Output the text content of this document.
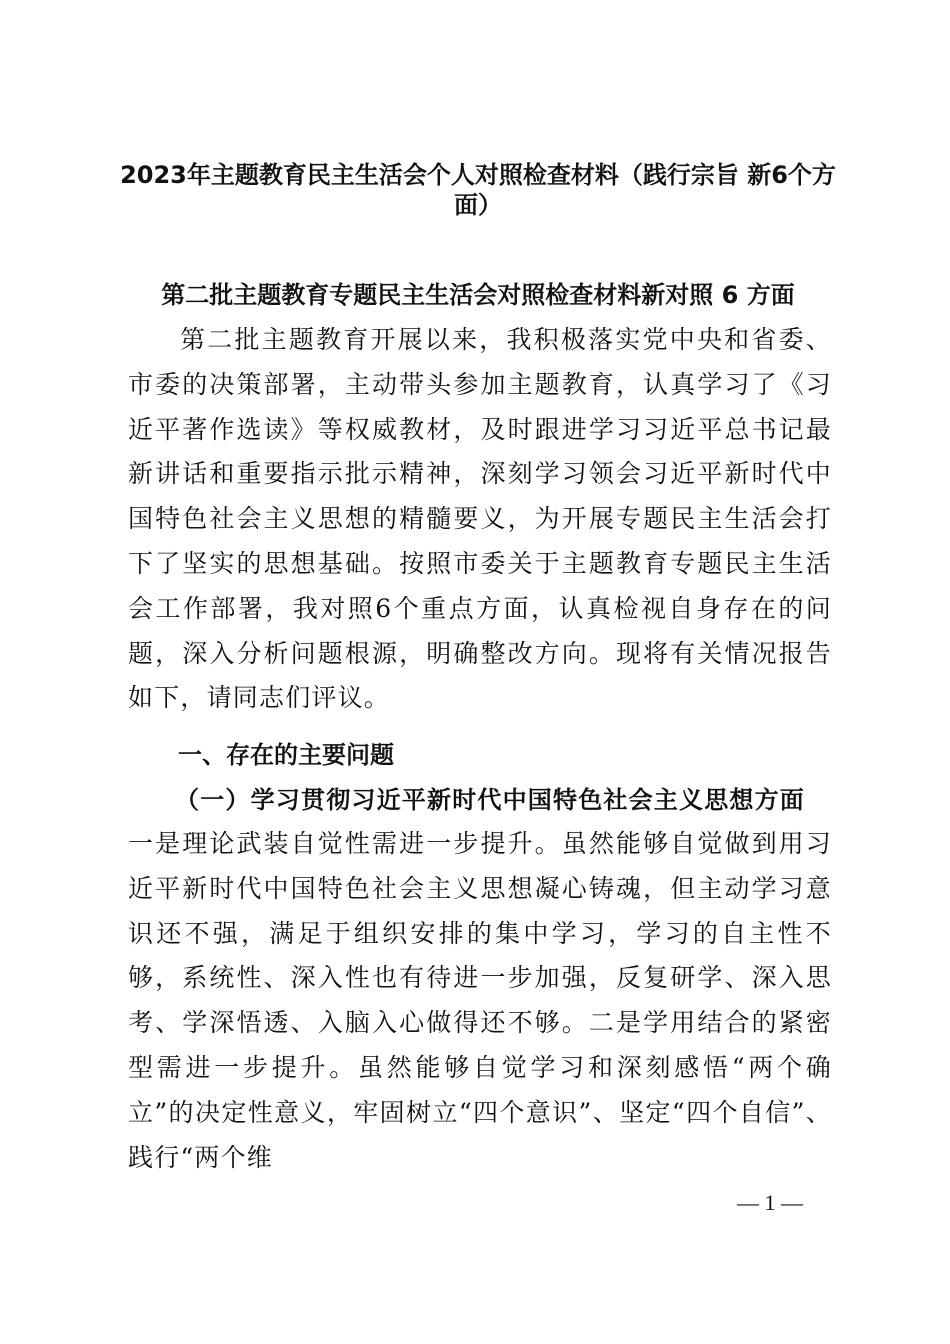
2023年主题教育民主生活会个人对照检查材料（践行宗旨 新6个方面）
第二批主题教育专题民主生活会对照检查材料新对照 6 方面

第二批主题教育开展以来，我积极落实党中央和省委、市委的决策部署，主动带头参加主题教育，认真学习了《习近平著作选读》等权威教材，及时跟进学习习近平总书记最新讲话和重要指示批示精神，深刻学习领会习近平新时代中国特色社会主义思想的精髓要义，为开展专题民主生活会打下了坚实的思想基础。按照市委关于主题教育专题民主生活会工作部署，我对照6个重点方面，认真检视自身存在的问题，深入分析问题根源，明确整改方向。现将有关情况报告如下，请同志们评议。

一、存在的主要问题
（一）学习贯彻习近平新时代中国特色社会主义思想方面

一是理论武装自觉性需进一步提升。虽然能够自觉做到用习近平新时代中国特色社会主义思想凝心铸魂，但主动学习意识还不强，满足于组织安排的集中学习，学习的自主性不够，系统性、深入性也有待进一步加强，反复研学、深入思考、学深悟透、入脑入心做得还不够。二是学用结合的紧密型需进一步提升。虽然能够自觉学习和深刻感悟“两个确立”的决定性意义，牢固树立“四个意识”、坚定“四个自信”、践行“两个维

— 1 —
